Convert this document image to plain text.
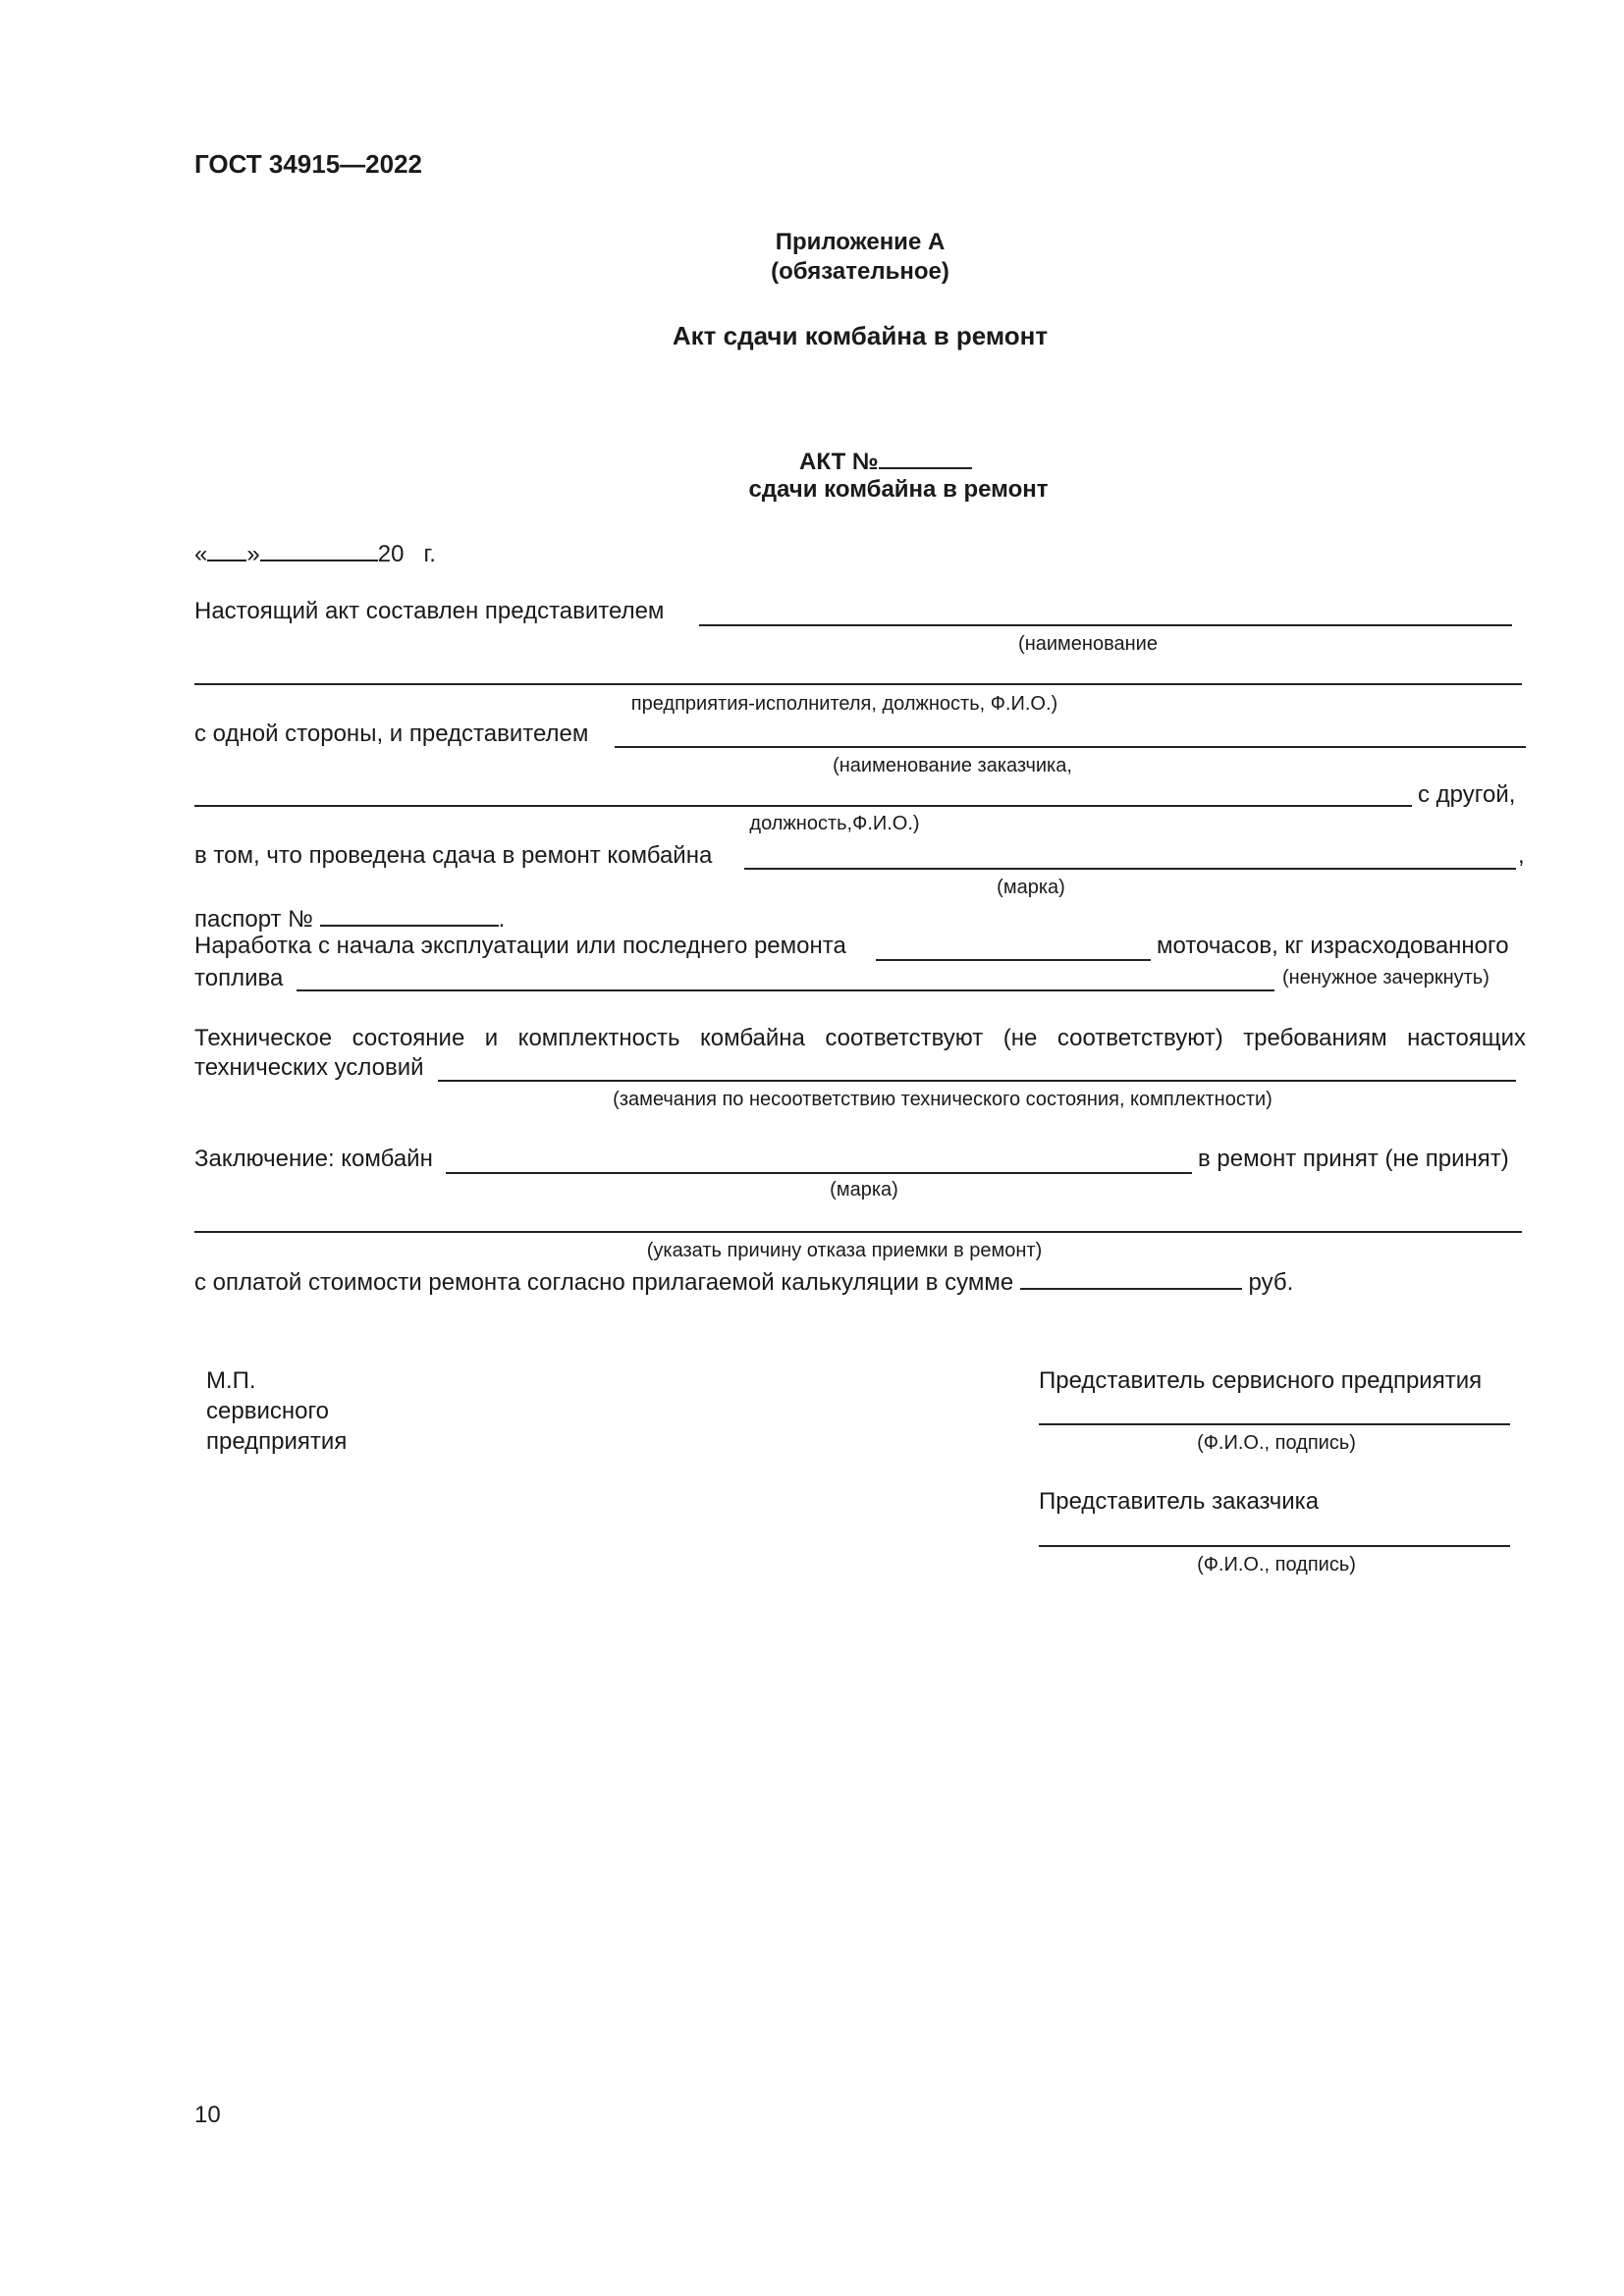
ГОСТ 34915—2022
Приложение А
(обязательное)
Акт сдачи комбайна в ремонт
АКТ №
сдачи комбайна в ремонт
« »	20 г.
Настоящий акт составлен представителем
(наименование
предприятия-исполнителя, должность, Ф.И.О.)
с одной стороны, и представителем
(наименование заказчика,
с другой,
должность,Ф.И.О.)
в том, что проведена сдача в ремонт комбайна	,
(марка)
паспорт №	.
Наработка с начала эксплуатации или последнего ремонта	моточасов, кг израсходованного
топлива	(ненужное зачеркнуть)
Техническое состояние и комплектность комбайна соответствуют (не соответствуют) требованиям настоящих
технических условий
(замечания по несоответствию технического состояния, комплектности)
Заключение: комбайн	в ремонт принят (не принят)
(марка)
(указать причину отказа приемки в ремонт)
с оплатой стоимости ремонта согласно прилагаемой калькуляции в сумме	руб.
М.П.
сервисного
предприятия
Представитель сервисного предприятия
(Ф.И.О., подпись)
Представитель заказчика
(Ф.И.О., подпись)
10
